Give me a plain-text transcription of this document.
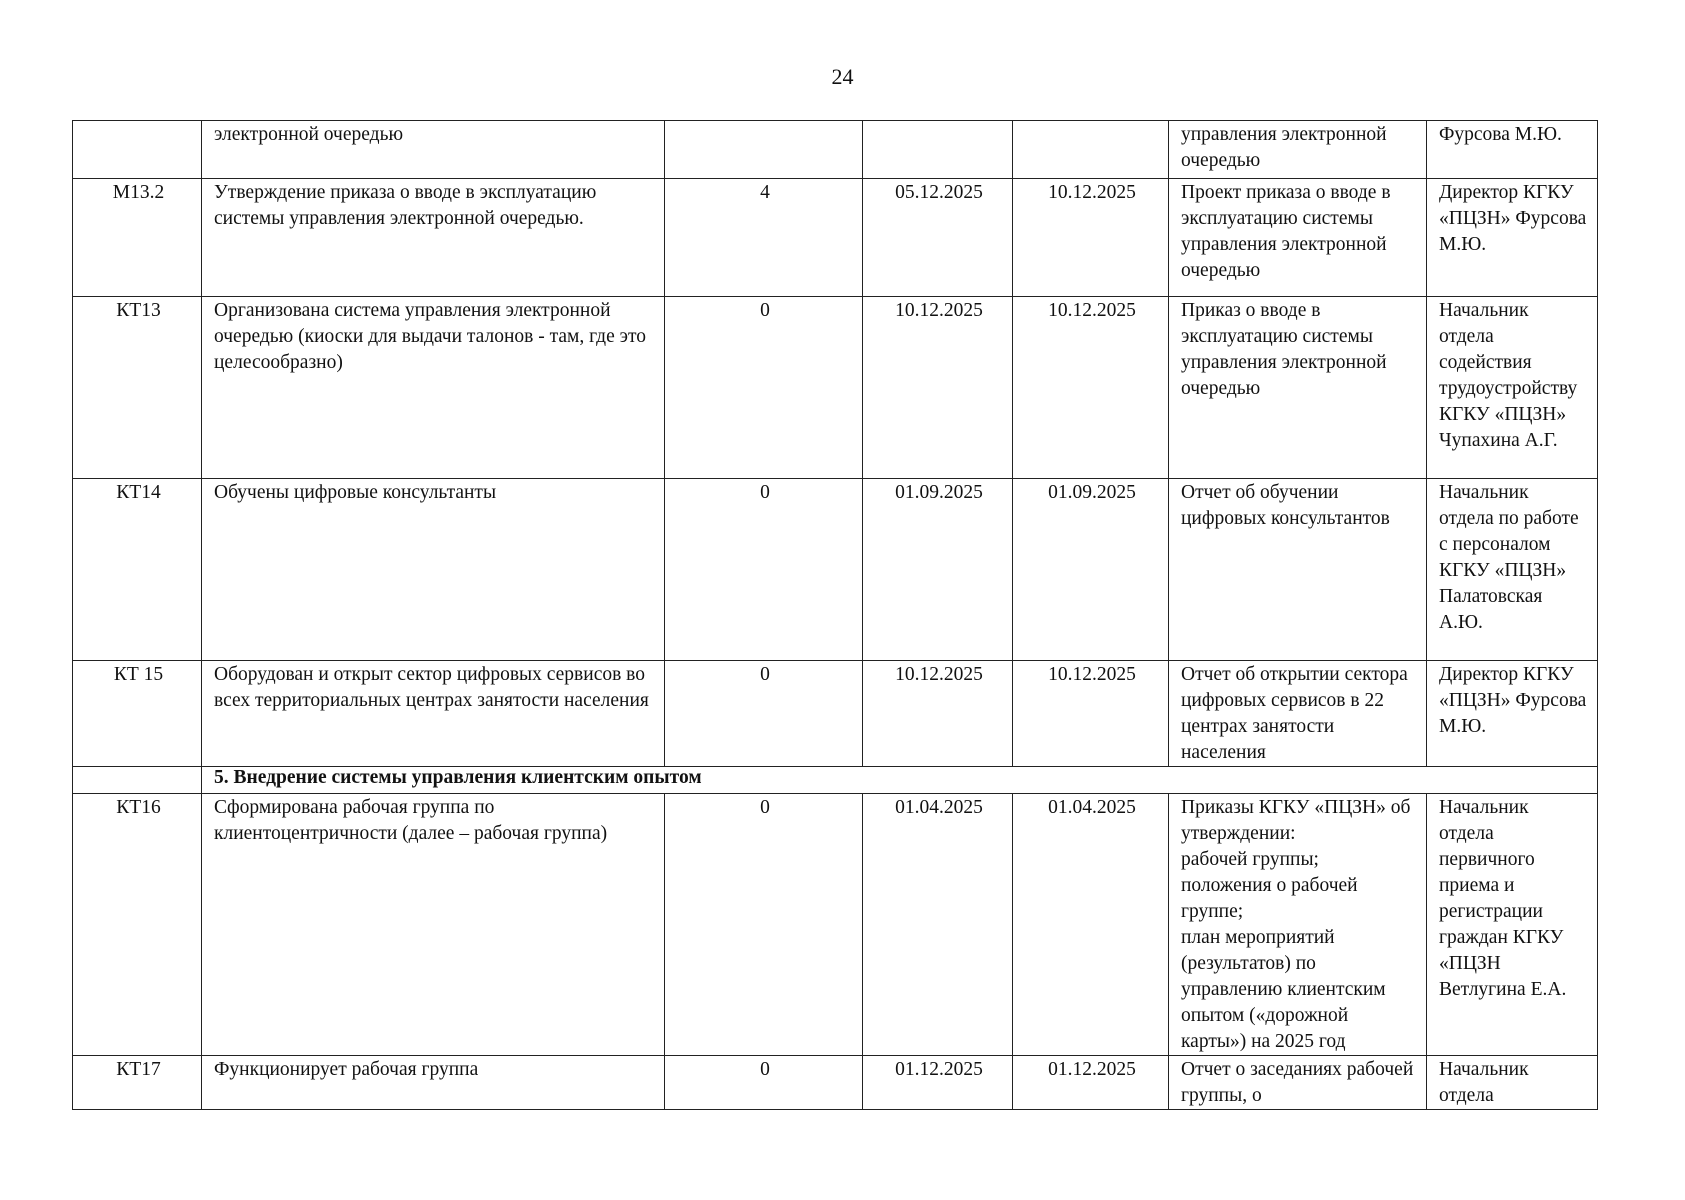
24
	электронной очередью				управления электронной очередью	Фурсова М.Ю.
М13.2	Утверждение приказа о вводе в эксплуатацию системы управления электронной очередью.	4	05.12.2025	10.12.2025	Проект приказа о вводе в эксплуатацию системы управления электронной очередью	Директор КГКУ «ПЦЗН» Фурсова М.Ю.
КТ13	Организована система управления электронной очередью (киоски для выдачи талонов - там, где это целесообразно)	0	10.12.2025	10.12.2025	Приказ о вводе в эксплуатацию системы управления электронной очередью	Начальник отдела содействия трудоустройству КГКУ «ПЦЗН» Чупахина А.Г.
КТ14	Обучены цифровые консультанты	0	01.09.2025	01.09.2025	Отчет об обучении цифровых консультантов	Начальник отдела по работе с персоналом КГКУ «ПЦЗН» Палатовская А.Ю.
КТ 15	Оборудован и открыт сектор цифровых сервисов во всех территориальных центрах занятости населения	0	10.12.2025	10.12.2025	Отчет об открытии сектора цифровых сервисов в 22 центрах занятости населения	Директор КГКУ «ПЦЗН» Фурсова М.Ю.
	5. Внедрение системы управления клиентским опытом					
КТ16	Сформирована рабочая группа по клиентоцентричности (далее – рабочая группа)	0	01.04.2025	01.04.2025	Приказы КГКУ «ПЦЗН» об утверждении:
рабочей группы;
положения о рабочей группе;
план мероприятий (результатов) по управлению клиентским опытом («дорожной карты») на 2025 год	Начальник отдела первичного приема и регистрации граждан КГКУ «ПЦЗН Ветлугина Е.А.
КТ17	Функционирует рабочая группа	0	01.12.2025	01.12.2025	Отчет о заседаниях рабочей группы, о	Начальник отдела
